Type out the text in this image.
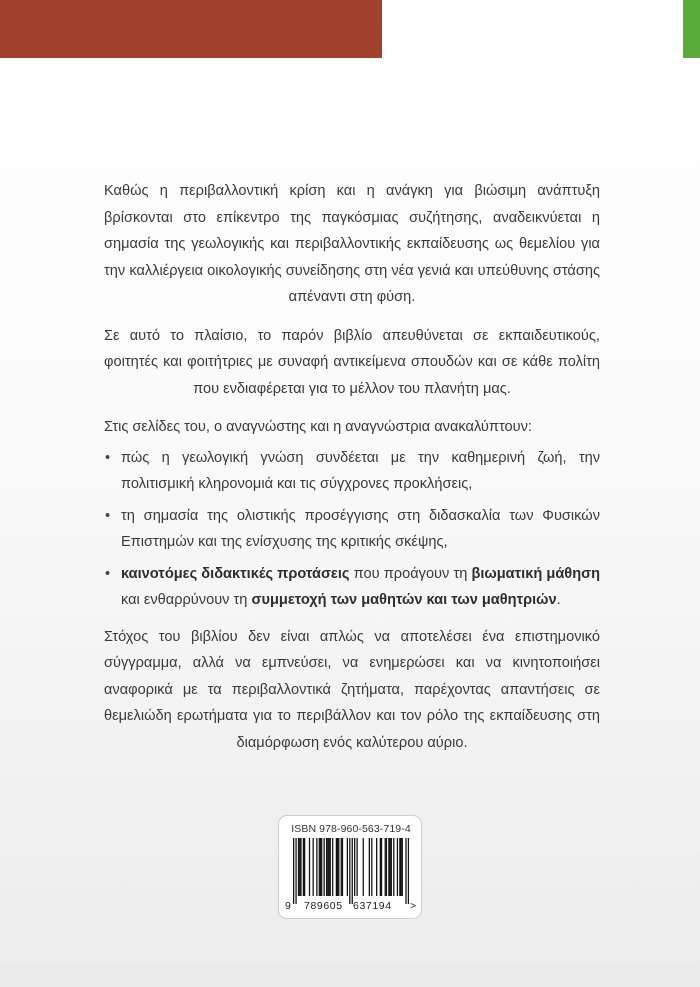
Καθώς η περιβαλλοντική κρίση και η ανάγκη για βιώσιμη ανάπτυξη βρίσκονται στο επίκεντρο της παγκόσμιας συζήτησης, αναδεικνύεται η σημασία της γεωλογικής και περιβαλλοντικής εκπαίδευσης ως θεμελίου για την καλλιέργεια οικολογικής συνείδησης στη νέα γενιά και υπεύθυνης στάσης απέναντι στη φύση.

Σε αυτό το πλαίσιο, το παρόν βιβλίο απευθύνεται σε εκπαιδευτικούς, φοιτητές και φοιτήτριες με συναφή αντικείμενα σπουδών και σε κάθε πολίτη που ενδιαφέρεται για το μέλλον του πλανήτη μας.

Στις σελίδες του, ο αναγνώστης και η αναγνώστρια ανακαλύπτουν:

• πώς η γεωλογική γνώση συνδέεται με την καθημερινή ζωή, την πολιτισμική κληρονομιά και τις σύγχρονες προκλήσεις,
• τη σημασία της ολιστικής προσέγγισης στη διδασκαλία των Φυσικών Επιστημών και της ενίσχυσης της κριτικής σκέψης,
• καινοτόμες διδακτικές προτάσεις που προάγουν τη βιωματική μάθηση και ενθαρρύνουν τη συμμετοχή των μαθητών και των μαθητριών.

Στόχος του βιβλίου δεν είναι απλώς να αποτελέσει ένα επιστημονικό σύγγραμμα, αλλά να εμπνεύσει, να ενημερώσει και να κινητοποιήσει αναφορικά με τα περιβαλλοντικά ζητήματα, παρέχοντας απαντήσεις σε θεμελιώδη ερωτήματα για το περιβάλλον και τον ρόλο της εκπαίδευσης στη διαμόρφωση ενός καλύτερου αύριο.

ISBN 978-960-563-719-4
9 789605 637194 >
